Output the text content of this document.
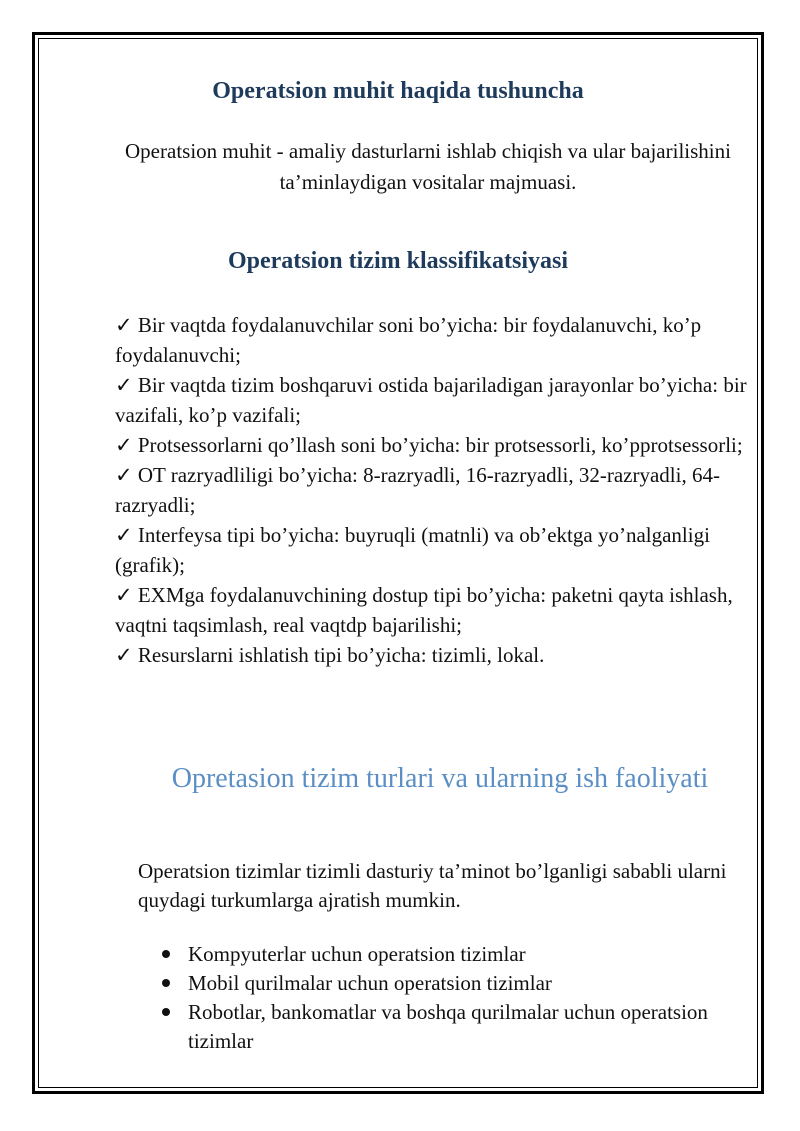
Operatsion muhit haqida tushuncha

Operatsion muhit - amaliy dasturlarni ishlab chiqish va ular bajarilishini ta’minlaydigan vositalar majmuasi.

Operatsion tizim klassifikatsiyasi
✓ Bir vaqtda foydalanuvchilar soni bo’yicha: bir foydalanuvchi, ko’p foydalanuvchi;
✓ Bir vaqtda tizim boshqaruvi ostida bajariladigan jarayonlar bo’yicha: bir vazifali, ko’p vazifali;
✓ Protsessorlarni qo’llash soni bo’yicha: bir protsessorli, ko’pprotsessorli;
✓ OT razryadliligi bo’yicha: 8-razryadli, 16-razryadli, 32-razryadli, 64-razryadli;
✓ Interfeysa tipi bo’yicha: buyruqli (matnli) va ob’ektga yo’nalganligi (grafik);
✓ EXMga foydalanuvchining dostup tipi bo’yicha: paketni qayta ishlash, vaqtni taqsimlash, real vaqtdp bajarilishi;
✓ Resurslarni ishlatish tipi bo’yicha: tizimli, lokal.
Opretasion tizim turlari va ularning ish faoliyati

Operatsion tizimlar tizimli dasturiy ta’minot bo’lganligi sababli ularni quydagi turkumlarga ajratish mumkin.

Kompyuterlar uchun operatsion tizimlar
Mobil qurilmalar uchun operatsion tizimlar
Robotlar, bankomatlar va boshqa qurilmalar uchun operatsion tizimlar
